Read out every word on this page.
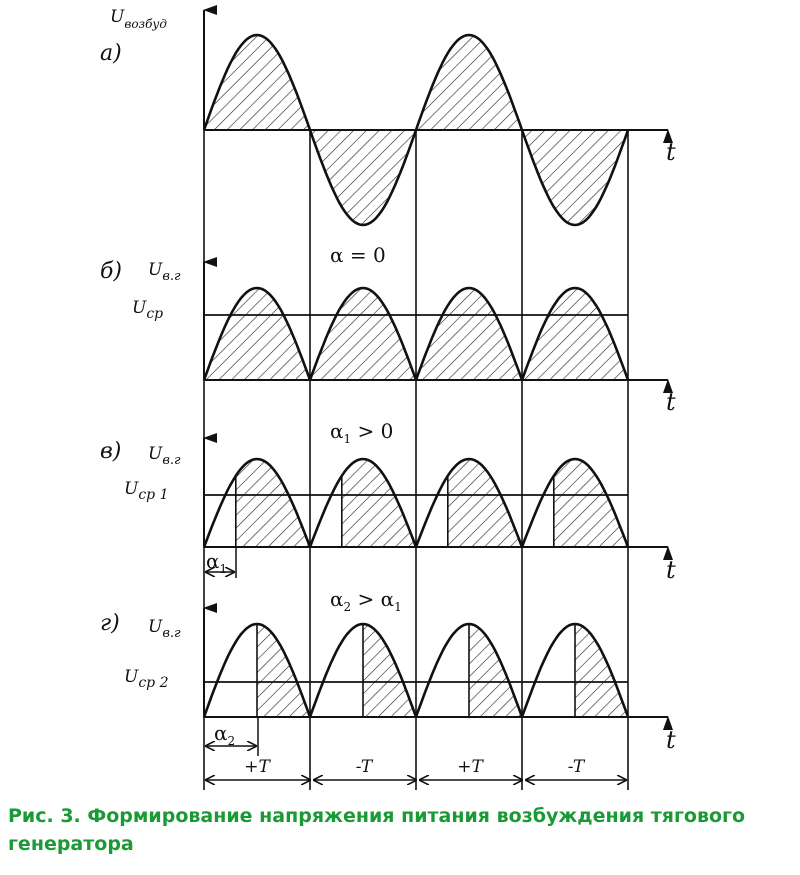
а)
$U_{возбуд}$
t
б) $U_{в.г}$
$U_{ср}$
α = 0
t
в) $U_{в.г}$
$U_{ср 1}$
$\alpha_1 > 0$
$\alpha_1$	t
г) $U_{в.г}$
$U_{ср 2}$
$\alpha_2 > \alpha_1$
$\alpha_2$	t
+T	-T	+T	-T

Рис. 3. Формирование напряжения питания возбуждения тягового генератора
